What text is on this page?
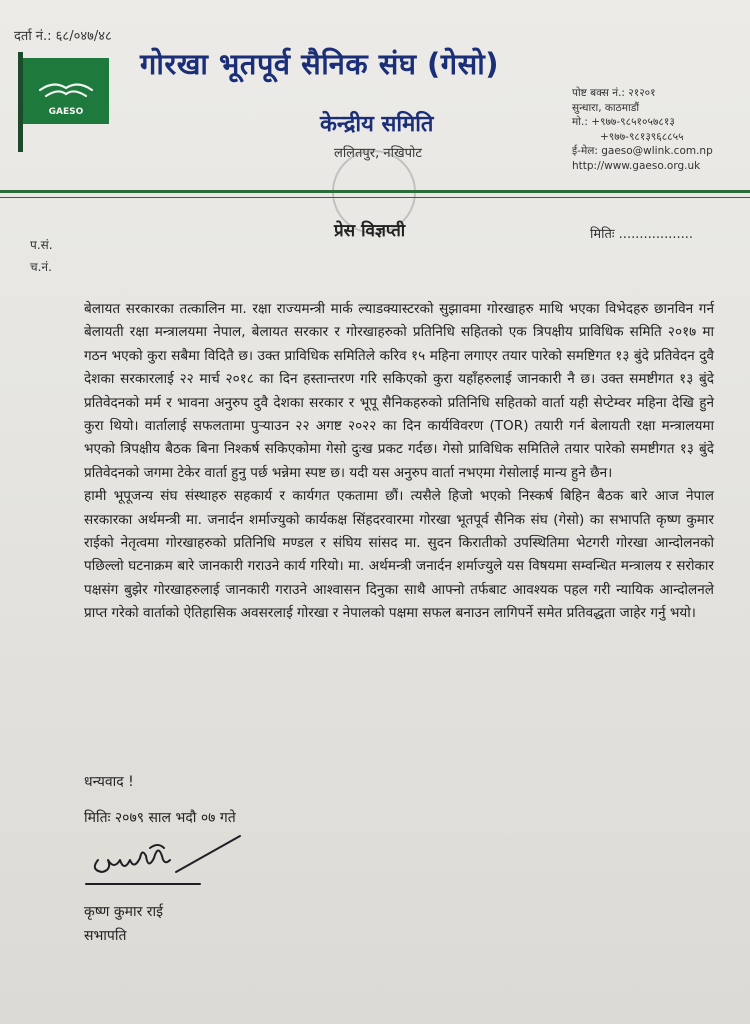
दर्ता नं.: ६८/०४७/४८
GAESO
गोरखा भूतपूर्व सैनिक संघ (गेसो)
केन्द्रीय समिति
ललितपुर, नखिपोट
पोष्ट बक्स नं.: २१२०१
सुन्धारा, काठमाडौं
मो.: +९७७-९८५१०५७८१३
+९७७-९८१३९६८८५५
ई-मेल: gaeso@wlink.com.np
http://www.gaeso.org.uk
प्रेस विज्ञप्ती	मितिः ..................
प.सं.
च.नं.

बेलायत सरकारका तत्कालिन मा. रक्षा राज्यमन्त्री मार्क ल्याडक्यास्टरको सुझावमा गोरखाहरु माथि भएका विभेदहरु छानविन गर्न बेलायती रक्षा मन्त्रालयमा नेपाल, बेलायत सरकार र गोरखाहरुको प्रतिनिधि सहितको एक त्रिपक्षीय प्राविधिक समिति २०१७ मा गठन भएको कुरा सबैमा विदितै छ। उक्त प्राविधिक समितिले करिव १५ महिना लगाएर तयार पारेको समष्टिगत १३ बुंदे प्रतिवेदन दुवै देशका सरकारलाई २२ मार्च २०१८ का दिन हस्तान्तरण गरि सकिएको कुरा यहाँहरुलाई जानकारी नै छ। उक्त समष्टीगत १३ बुंदे प्रतिवेदनको मर्म र भावना अनुरुप दुवै देशका सरकार र भूपू सैनिकहरुको प्रतिनिधि सहितको वार्ता यही सेप्टेम्वर महिना देखि हुने कुरा थियो। वार्तालाई सफलतामा पुऱ्याउन २२ अगष्ट २०२२ का दिन कार्यविवरण (TOR) तयारी गर्न बेलायती रक्षा मन्त्रालयमा भएको त्रिपक्षीय बैठक बिना निश्कर्ष सकिएकोमा गेसो दुःख प्रकट गर्दछ। गेसो प्राविधिक समितिले तयार पारेको समष्टीगत १३ बुंदे प्रतिवेदनको जगमा टेकेर वार्ता हुनु पर्छ भन्नेमा स्पष्ट छ। यदी यस अनुरुप वार्ता नभएमा गेसोलाई मान्य हुने छैन।

हामी भूपूजन्य संघ संस्थाहरु सहकार्य र कार्यगत एकतामा छौं। त्यसैले हिजो भएको निस्कर्ष बिहिन बैठक बारे आज नेपाल सरकारका अर्थमन्त्री मा. जनार्दन शर्माज्युको कार्यकक्ष सिंहदरवारमा गोरखा भूतपूर्व सैनिक संघ (गेसो) का सभापति कृष्ण कुमार राईको नेतृत्वमा गोरखाहरुको प्रतिनिधि मण्डल र संघिय सांसद मा. सुदन किरातीको उपस्थितिमा भेटगरी गोरखा आन्दोलनको पछिल्लो घटनाक्रम बारे जानकारी गराउने कार्य गरियो। मा. अर्थमन्त्री जनार्दन शर्माज्युले यस विषयमा सम्वन्धित मन्त्रालय र सरोकार पक्षसंग बुझेर गोरखाहरुलाई जानकारी गराउने आश्वासन दिनुका साथै आफ्नो तर्फबाट आवश्यक पहल गरी न्यायिक आन्दोलनले प्राप्त गरेको वार्ताको ऐतिहासिक अवसरलाई गोरखा र नेपालको पक्षमा सफल बनाउन लागिपर्ने समेत प्रतिवद्धता जाहेर गर्नु भयो।

धन्यवाद !
मितिः २०७९ साल भदौ ०७ गते
कृष्ण कुमार राई
सभापति
